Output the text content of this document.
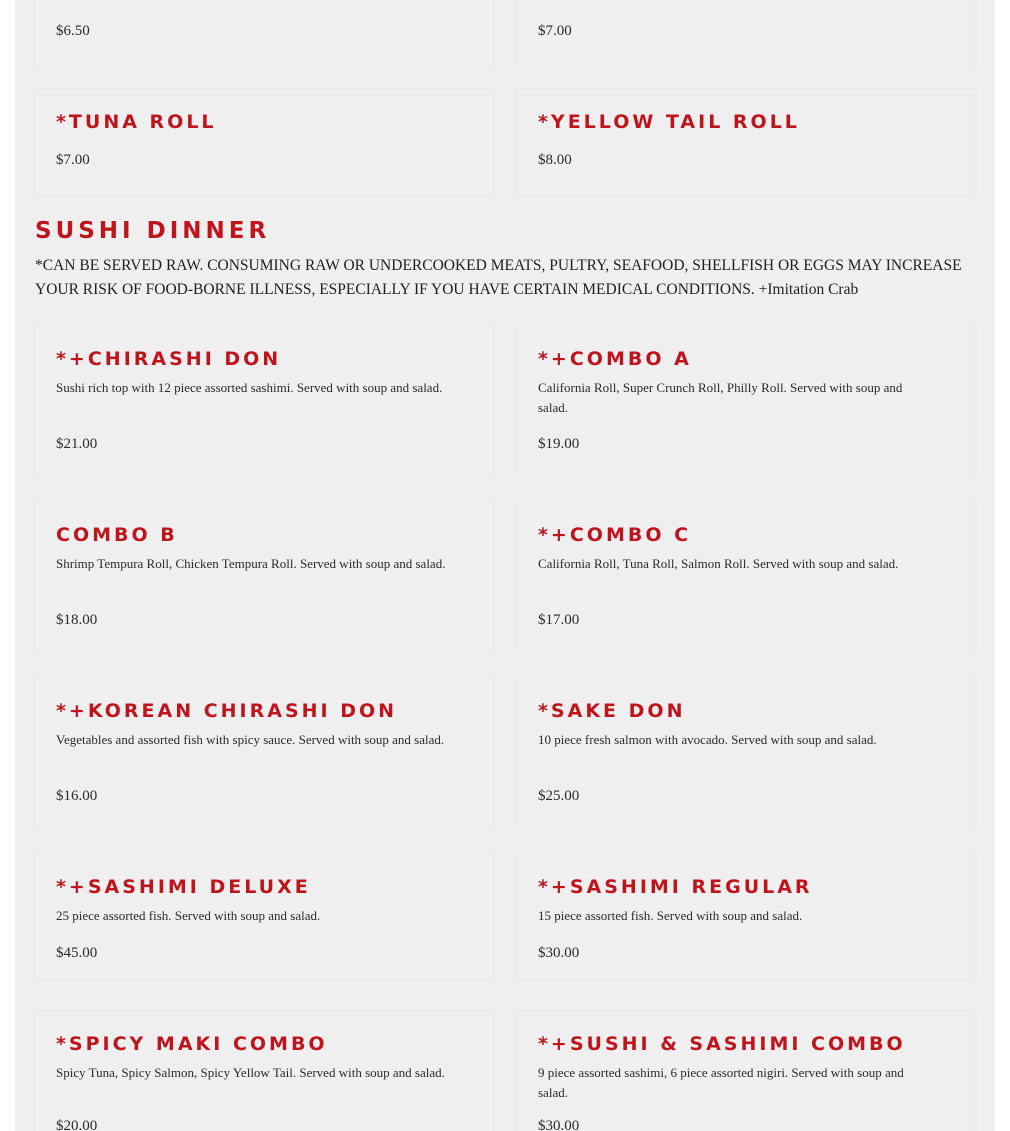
$6.50	$7.00

*TUNA ROLL

$7.00

*YELLOW TAIL ROLL

$8.00

SUSHI DINNER

*CAN BE SERVED RAW. CONSUMING RAW OR UNDERCOOKED MEATS, PULTRY, SEAFOOD, SHELLFISH OR EGGS MAY INCREASE YOUR RISK OF FOOD-BORNE ILLNESS, ESPECIALLY IF YOU HAVE CERTAIN MEDICAL CONDITIONS. +Imitation Crab

*+CHIRASHI DON

Sushi rich top with 12 piece assorted sashimi. Served with soup and salad.

$21.00

*+COMBO A

California Roll, Super Crunch Roll, Philly Roll. Served with soup and salad.

$19.00

COMBO B

Shrimp Tempura Roll, Chicken Tempura Roll. Served with soup and salad.

$18.00

*+COMBO C

California Roll, Tuna Roll, Salmon Roll. Served with soup and salad.

$17.00

*+KOREAN CHIRASHI DON

Vegetables and assorted fish with spicy sauce. Served with soup and salad.

$16.00

*SAKE DON

10 piece fresh salmon with avocado. Served with soup and salad.

$25.00

*+SASHIMI DELUXE

25 piece assorted fish. Served with soup and salad.

$45.00

*+SASHIMI REGULAR

15 piece assorted fish. Served with soup and salad.

$30.00

*SPICY MAKI COMBO

Spicy Tuna, Spicy Salmon, Spicy Yellow Tail. Served with soup and salad.

$20.00

*+SUSHI & SASHIMI COMBO

9 piece assorted sashimi, 6 piece assorted nigiri. Served with soup and salad.

$30.00
